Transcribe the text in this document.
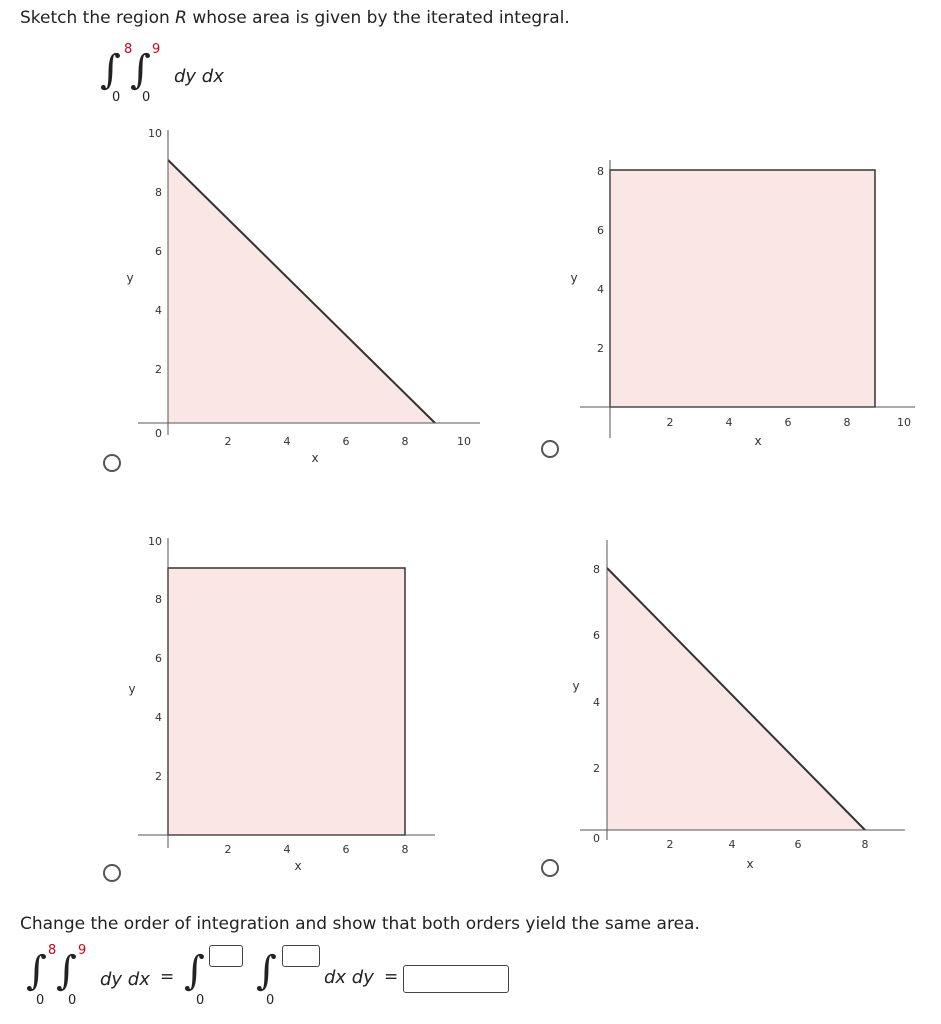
Sketch the region R whose area is given by the iterated integral.
∫ 8
0
∫ 9
0
dy dx
2	4	6	8	10
0
2
4
6
8
10
x
y
2	4	6	8	10
2
4
6
8
x
y
2	4	6	8
2
4
6
8
10
x
y
2	4	6	8
0
2
4
6
8
x
y
Change the order of integration and show that both orders yield the same area.
∫ 8
0
∫ 9
0
dy dx = ∫
0
∫
0
dx dy =
